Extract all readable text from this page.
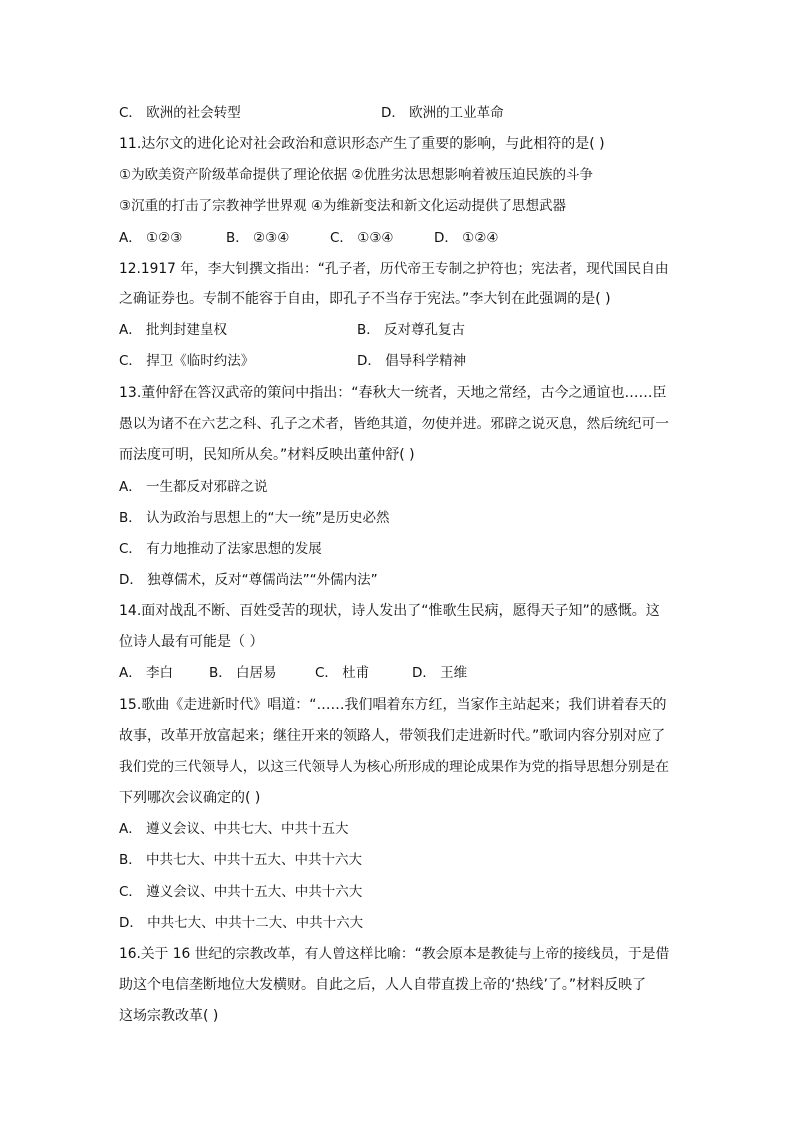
C． 欧洲的社会转型	D． 欧洲的工业革命
11.达尔文的进化论对社会政治和意识形态产生了重要的影响，与此相符的是( )
①为欧美资产阶级革命提供了理论依据 ②优胜劣汰思想影响着被压迫民族的斗争
③沉重的打击了宗教神学世界观 ④为维新变法和新文化运动提供了思想武器
A． ①②③	B． ②③④	C． ①③④	D． ①②④
12.1917 年，李大钊撰文指出：“孔子者，历代帝王专制之护符也；宪法者，现代国民自由
之确证券也。专制不能容于自由，即孔子不当存于宪法。”李大钊在此强调的是( )
A． 批判封建皇权	B． 反对尊孔复古
C． 捍卫《临时约法》	D． 倡导科学精神
13.董仲舒在答汉武帝的策问中指出：“春秋大一统者，天地之常经，古今之通谊也……臣
愚以为诸不在六艺之科、孔子之术者，皆绝其道，勿使并进。邪辟之说灭息，然后统纪可一
而法度可明，民知所从矣。”材料反映出董仲舒( )
A． 一生都反对邪辟之说
B． 认为政治与思想上的“大一统”是历史必然
C． 有力地推动了法家思想的发展
D． 独尊儒术，反对“尊儒尚法”“外儒内法”
14.面对战乱不断、百姓受苦的现状，诗人发出了“惟歌生民病，愿得天子知”的感慨。这
位诗人最有可能是（ ）
A． 李白	B． 白居易	C． 杜甫	D． 王维
15.歌曲《走进新时代》唱道：“……我们唱着东方红，当家作主站起来；我们讲着春天的
故事，改革开放富起来；继往开来的领路人，带领我们走进新时代。”歌词内容分别对应了
我们党的三代领导人，以这三代领导人为核心所形成的理论成果作为党的指导思想分别是在
下列哪次会议确定的( )
A． 遵义会议、中共七大、中共十五大
B． 中共七大、中共十五大、中共十六大
C． 遵义会议、中共十五大、中共十六大
D． 中共七大、中共十二大、中共十六大
16.关于 16 世纪的宗教改革，有人曾这样比喻：“教会原本是教徒与上帝的接线员，于是借
助这个电信垄断地位大发横财。自此之后，人人自带直拨上帝的‘热线’了。”材料反映了
这场宗教改革( )
